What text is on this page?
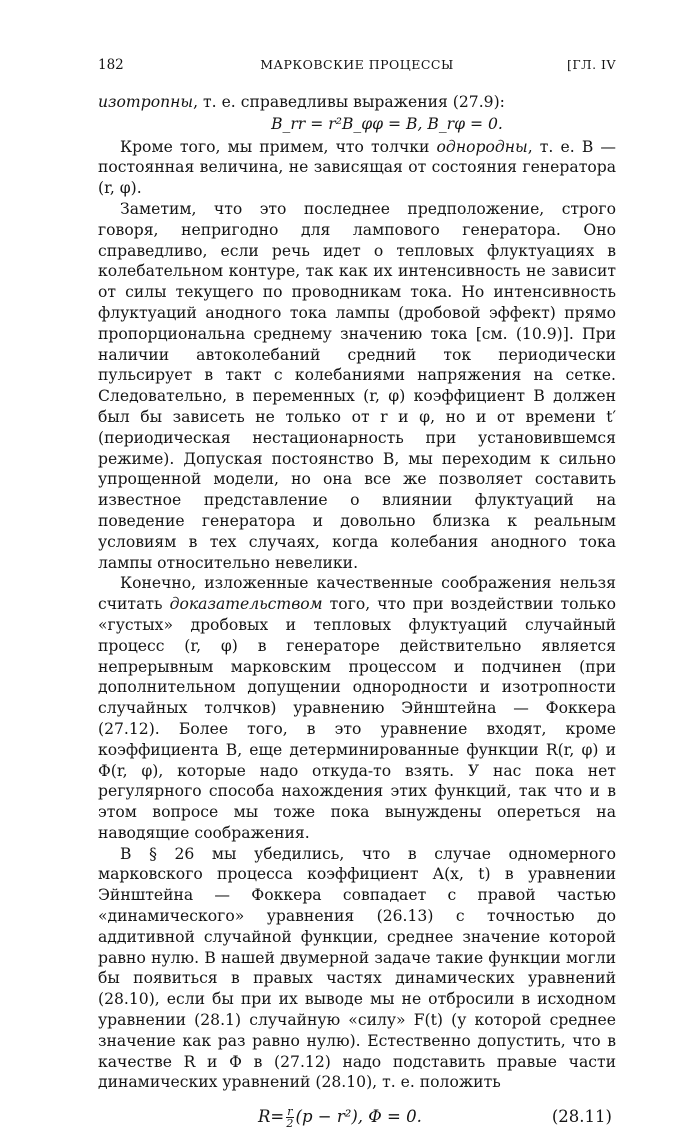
182	МАРКОВСКИЕ ПРОЦЕССЫ	[ГЛ. IV

изотропны, т. е. справедливы выражения (27.9):

B_rr = r²B_φφ = B, B_rφ = 0.

Кроме того, мы примем, что толчки однородны, т. е. B — постоянная величина, не зависящая от состояния генератора (r, φ).

Заметим, что это последнее предположение, строго говоря, непригодно для лампового генератора. Оно справедливо, если речь идет о тепловых флуктуациях в колебательном контуре, так как их интенсивность не зависит от силы текущего по проводникам тока. Но интенсивность флуктуаций анодного тока лампы (дробовой эффект) прямо пропорциональна среднему значению тока [см. (10.9)]. При наличии автоколебаний средний ток периодически пульсирует в такт с колебаниями напряжения на сетке. Следовательно, в переменных (r, φ) коэффициент B должен был бы зависеть не только от r и φ, но и от времени t′ (периодическая нестационарность при установившемся режиме). Допуская постоянство B, мы переходим к сильно упрощенной модели, но она все же позволяет составить известное представление о влиянии флуктуаций на поведение генератора и довольно близка к реальным условиям в тех случаях, когда колебания анодного тока лампы относительно невелики.

Конечно, изложенные качественные соображения нельзя считать доказательством того, что при воздействии только «густых» дробовых и тепловых флуктуаций случайный процесс (r, φ) в генераторе действительно является непрерывным марковским процессом и подчинен (при дополнительном допущении однородности и изотропности случайных толчков) уравнению Эйнштейна — Фоккера (27.12). Более того, в это уравнение входят, кроме коэффициента B, еще детерминированные функции R(r, φ) и Φ(r, φ), которые надо откуда-то взять. У нас пока нет регулярного способа нахождения этих функций, так что и в этом вопросе мы тоже пока вынуждены опереться на наводящие соображения.

В § 26 мы убедились, что в случае одномерного марковского процесса коэффициент A(x, t) в уравнении Эйнштейна — Фоккера совпадает с правой частью «динамического» уравнения (26.13) с точностью до аддитивной случайной функции, среднее значение которой равно нулю. В нашей двумерной задаче такие функции могли бы появиться в правых частях динамических уравнений (28.10), если бы при их выводе мы не отбросили в исходном уравнении (28.1) случайную «силу» F(t) (у которой среднее значение как раз равно нулю). Естественно допустить, что в качестве R и Φ в (27.12) надо подставить правые части динамических уравнений (28.10), т. е. положить

$R= \frac{r}{2} (p - r^2)$, Φ = 0.	(28.11)
